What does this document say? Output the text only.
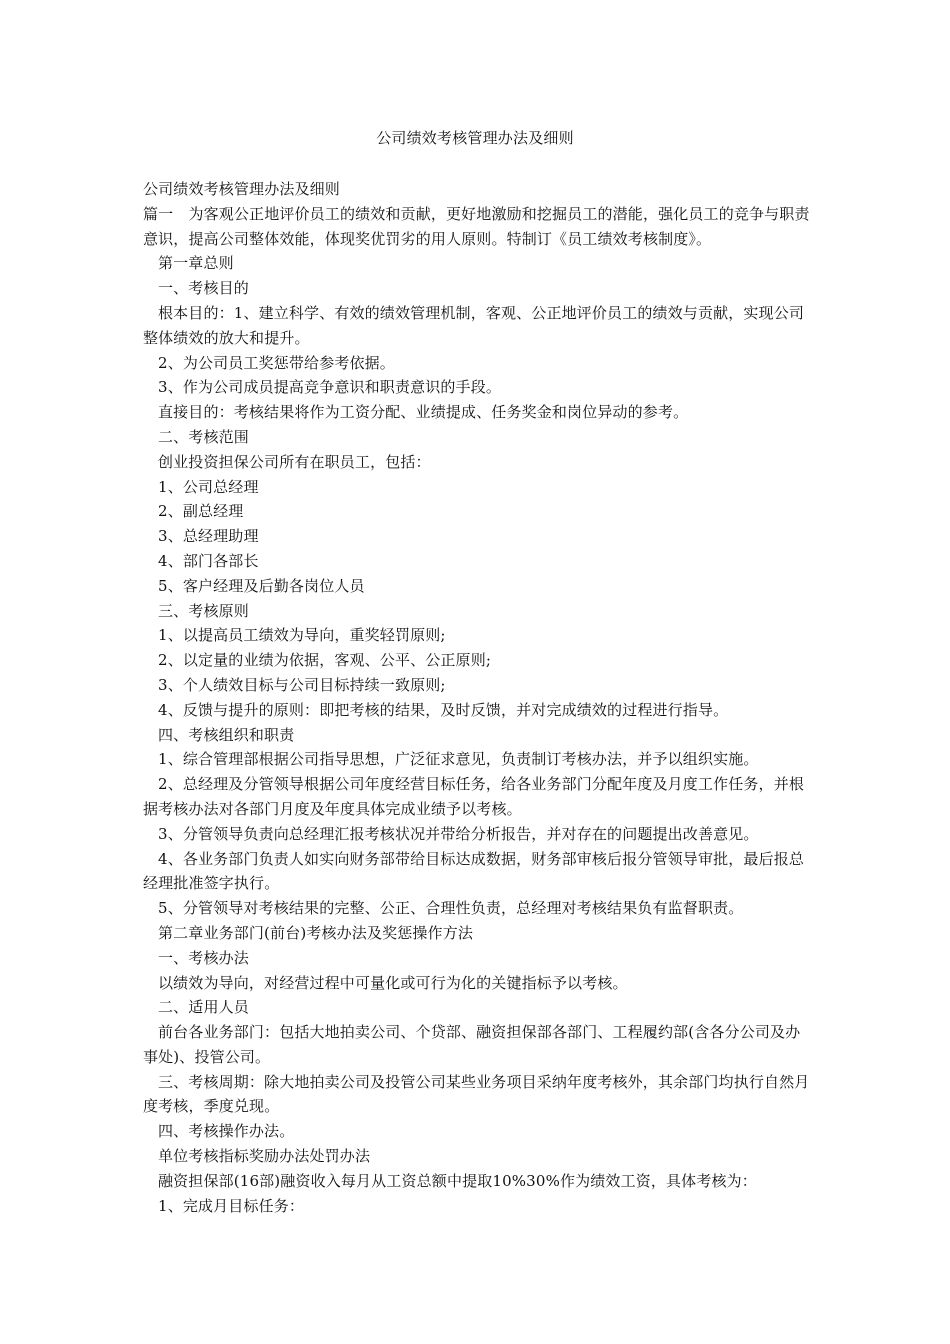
公司绩效考核管理办法及细则

公司绩效考核管理办法及细则

篇一　为客观公正地评价员工的绩效和贡献，更好地激励和挖掘员工的潜能，强化员工的竞争与职责意识，提高公司整体效能，体现奖优罚劣的用人原则。特制订《员工绩效考核制度》。

第一章总则

一、考核目的

根本目的：1、建立科学、有效的绩效管理机制，客观、公正地评价员工的绩效与贡献，实现公司整体绩效的放大和提升。

2、为公司员工奖惩带给参考依据。

3、作为公司成员提高竞争意识和职责意识的手段。

直接目的：考核结果将作为工资分配、业绩提成、任务奖金和岗位异动的参考。

二、考核范围

创业投资担保公司所有在职员工，包括：

1、公司总经理

2、副总经理

3、总经理助理

4、部门各部长

5、客户经理及后勤各岗位人员

三、考核原则

1、以提高员工绩效为导向，重奖轻罚原则;

2、以定量的业绩为依据，客观、公平、公正原则;

3、个人绩效目标与公司目标持续一致原则;

4、反馈与提升的原则：即把考核的结果，及时反馈，并对完成绩效的过程进行指导。

四、考核组织和职责

1、综合管理部根据公司指导思想，广泛征求意见，负责制订考核办法，并予以组织实施。

2、总经理及分管领导根据公司年度经营目标任务，给各业务部门分配年度及月度工作任务，并根据考核办法对各部门月度及年度具体完成业绩予以考核。

3、分管领导负责向总经理汇报考核状况并带给分析报告，并对存在的问题提出改善意见。

4、各业务部门负责人如实向财务部带给目标达成数据，财务部审核后报分管领导审批，最后报总经理批准签字执行。

5、分管领导对考核结果的完整、公正、合理性负责，总经理对考核结果负有监督职责。

第二章业务部门(前台)考核办法及奖惩操作方法

一、考核办法

以绩效为导向，对经营过程中可量化或可行为化的关键指标予以考核。

二、适用人员

前台各业务部门：包括大地拍卖公司、个贷部、融资担保部各部门、工程履约部(含各分公司及办事处)、投管公司。

三、考核周期：除大地拍卖公司及投管公司某些业务项目采纳年度考核外，其余部门均执行自然月度考核，季度兑现。

四、考核操作办法。

单位考核指标奖励办法处罚办法

融资担保部(16部)融资收入每月从工资总额中提取10%30%作为绩效工资，具体考核为：

1、完成月目标任务：
